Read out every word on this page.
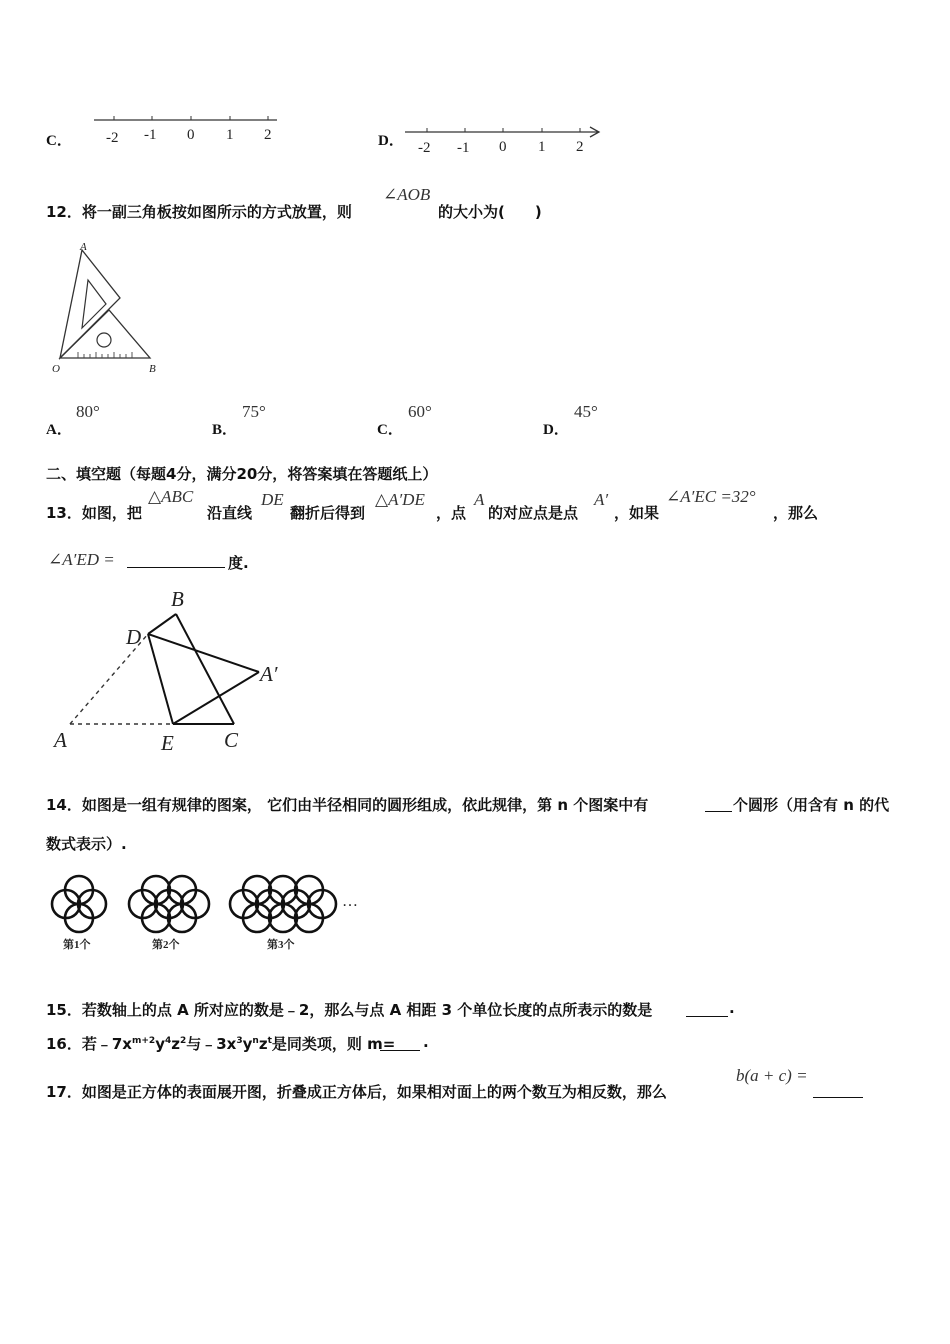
C． -2 -1 0 1 2	D． -2 -1 0 1 2
12．将一副三角板按如图所示的方式放置，则
∠AOB
的大小为(　　)
A
O	B
A．
80°
B．
75°
C．
60°
D．
45°
二、填空题（每题4分，满分20分，将答案填在答题纸上）
13．如图，把
△ABC
沿直线
DE
翻折后得到
△A′DE
，点
A
的对应点是点
A′
，如果
∠A′EC =32°
，那么
∠A′ED =	度.
B
D
A′
A	E C
14．如图是一组有规律的图案， 它们由半径相同的圆形组成，依此规律，第 n 个图案中有	个圆形（用含有 n 的代
数式表示）.
第1个	第2个	第3个
…
15．若数轴上的点 A 所对应的数是﹣2，那么与点 A 相距 3 个单位长度的点所表示的数是	.
16．若$﹣7x^{m+2}y^4z^2$与$﹣3x^3y^nz^t$是同类项，则 m= .
17．如图是正方体的表面展开图，折叠成正方体后，如果相对面上的两个数互为相反数，那么
b(a + c) =
